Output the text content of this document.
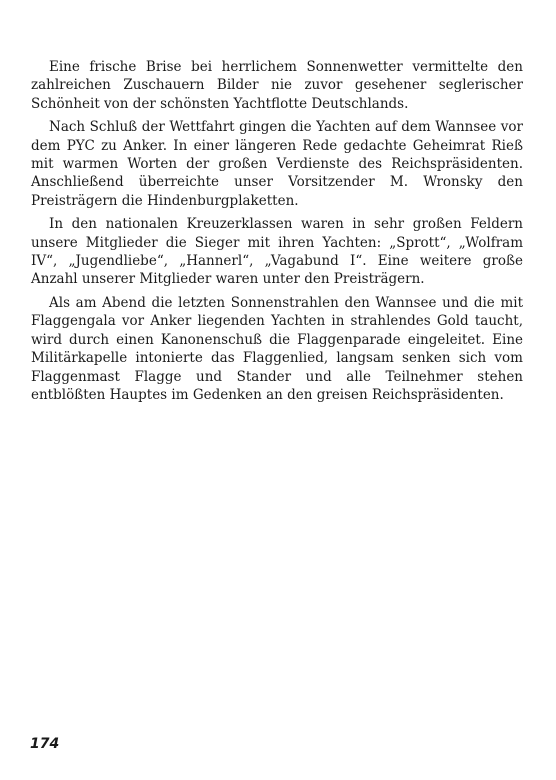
Eine frische Brise bei herrlichem Sonnenwetter vermittelte den zahlreichen Zuschauern Bilder nie zuvor gesehener seglerischer Schönheit von der schönsten Yachtflotte Deutschlands.

Nach Schluß der Wettfahrt gingen die Yachten auf dem Wannsee vor dem PYC zu Anker. In einer längeren Rede gedachte Geheimrat Rieß mit warmen Worten der großen Verdienste des Reichspräsidenten. Anschließend überreichte unser Vorsitzender M. Wronsky den Preisträgern die Hindenburgplaketten.

In den nationalen Kreuzerklassen waren in sehr großen Feldern unsere Mitglieder die Sieger mit ihren Yachten: „Sprott“, „Wolfram IV“, „Jugendliebe“, „Hannerl“, „Vagabund I“. Eine weitere große Anzahl unserer Mitglieder waren unter den Preisträgern.

Als am Abend die letzten Sonnenstrahlen den Wannsee und die mit Flaggengala vor Anker liegenden Yachten in strahlendes Gold taucht, wird durch einen Kanonenschuß die Flaggenparade eingeleitet. Eine Militärkapelle intonierte das Flaggenlied, langsam senken sich vom Flaggenmast Flagge und Stander und alle Teilnehmer stehen entblößten Hauptes im Gedenken an den greisen Reichspräsidenten.

174
